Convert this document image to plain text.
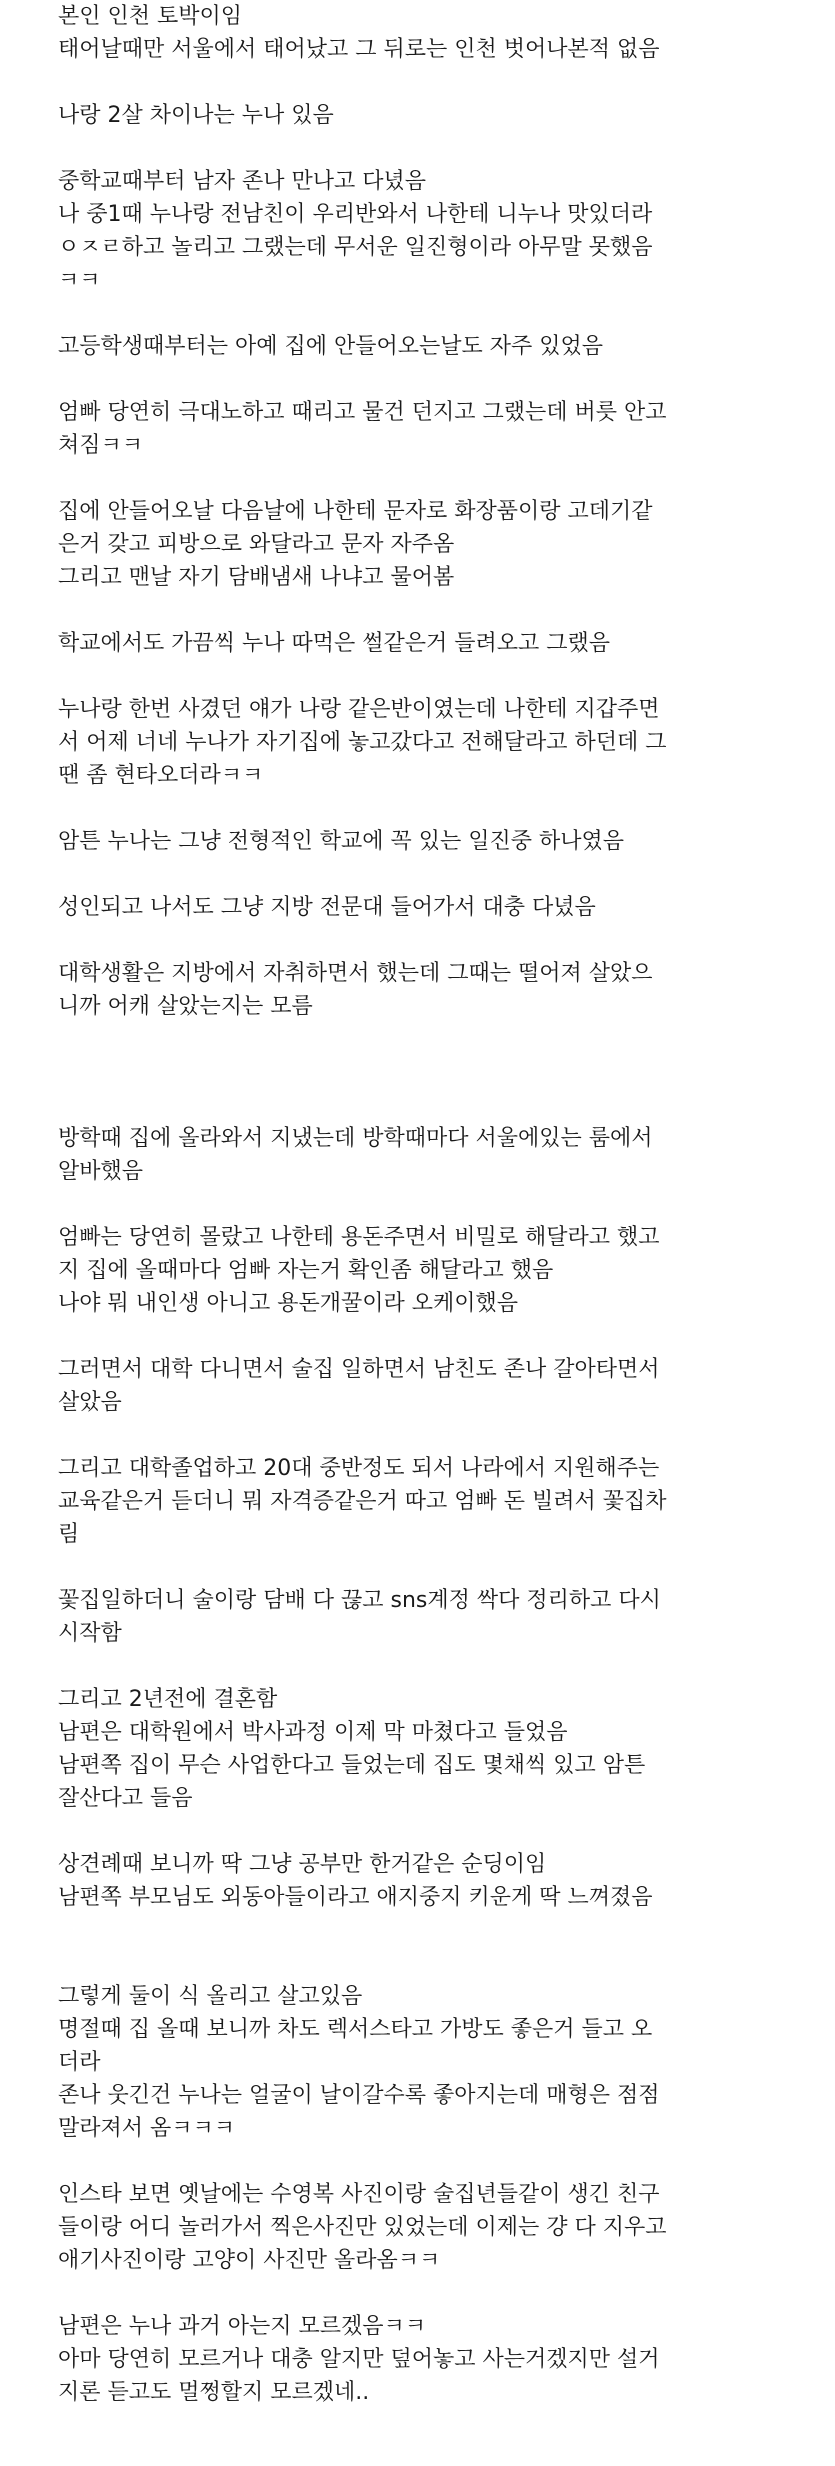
본인 인천 토박이임
태어날때만 서울에서 태어났고 그 뒤로는 인천 벗어나본적 없음
나랑 2살 차이나는 누나 있음
중학교때부터 남자 존나 만나고 다녔음
나 중1때 누나랑 전남친이 우리반와서 나한테 니누나 맛있더라
ㅇㅈㄹ하고 놀리고 그랬는데 무서운 일진형이라 아무말 못했음
ㅋㅋ
고등학생때부터는 아예 집에 안들어오는날도 자주 있었음
엄빠 당연히 극대노하고 때리고 물건 던지고 그랬는데 버릇 안고
쳐짐ㅋㅋ
집에 안들어오날 다음날에 나한테 문자로 화장품이랑 고데기같
은거 갖고 피방으로 와달라고 문자 자주옴
그리고 맨날 자기 담배냄새 나냐고 물어봄
학교에서도 가끔씩 누나 따먹은 썰같은거 들려오고 그랬음
누나랑 한번 사겼던 얘가 나랑 같은반이였는데 나한테 지갑주면
서 어제 너네 누나가 자기집에 놓고갔다고 전해달라고 하던데 그
땐 좀 현타오더라ㅋㅋ
암튼 누나는 그냥 전형적인 학교에 꼭 있는 일진중 하나였음
성인되고 나서도 그냥 지방 전문대 들어가서 대충 다녔음
대학생활은 지방에서 자취하면서 했는데 그때는 떨어져 살았으
니까 어캐 살았는지는 모름
방학때 집에 올라와서 지냈는데 방학때마다 서울에있는 룸에서
알바했음
엄빠는 당연히 몰랐고 나한테 용돈주면서 비밀로 해달라고 했고
지 집에 올때마다 엄빠 자는거 확인좀 해달라고 했음
나야 뭐 내인생 아니고 용돈개꿀이라 오케이했음
그러면서 대학 다니면서 술집 일하면서 남친도 존나 갈아타면서
살았음
그리고 대학졸업하고 20대 중반정도 되서 나라에서 지원해주는
교육같은거 듣더니 뭐 자격증같은거 따고 엄빠 돈 빌려서 꽃집차
림
꽃집일하더니 술이랑 담배 다 끊고 sns계정 싹다 정리하고 다시
시작함
그리고 2년전에 결혼함
남편은 대학원에서 박사과정 이제 막 마쳤다고 들었음
남편쪽 집이 무슨 사업한다고 들었는데 집도 몇채씩 있고 암튼
잘산다고 들음
상견례때 보니까 딱 그냥 공부만 한거같은 순딩이임
남편쪽 부모님도 외동아들이라고 애지중지 키운게 딱 느껴졌음
그렇게 둘이 식 올리고 살고있음
명절때 집 올때 보니까 차도 렉서스타고 가방도 좋은거 들고 오
더라
존나 웃긴건 누나는 얼굴이 날이갈수록 좋아지는데 매형은 점점
말라져서 옴ㅋㅋㅋ
인스타 보면 옛날에는 수영복 사진이랑 술집년들같이 생긴 친구
들이랑 어디 놀러가서 찍은사진만 있었는데 이제는 걍 다 지우고
애기사진이랑 고양이 사진만 올라옴ㅋㅋ
남편은 누나 과거 아는지 모르겠음ㅋㅋ
아마 당연히 모르거나 대충 알지만 덮어놓고 사는거겠지만 설거
지론 듣고도 멀쩡할지 모르겠네..
